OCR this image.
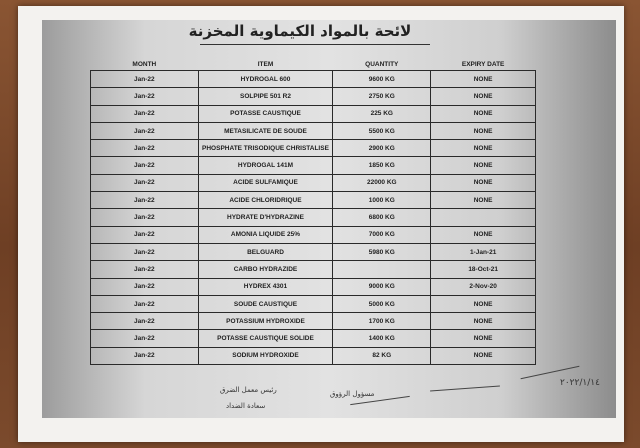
لائحة بالمواد الكيماوية المخزنة
MONTH	ITEM	QUANTITY	EXPIRY DATE
Jan-22	HYDROGAL 600	9600 KG	NONE
Jan-22	SOLPIPE 501 R2	2750 KG	NONE
Jan-22	POTASSE CAUSTIQUE	225 KG	NONE
Jan-22	METASILICATE DE SOUDE	5500 KG	NONE
Jan-22	PHOSPHATE TRISODIQUE CHRISTALISE	2900 KG	NONE
Jan-22	HYDROGAL 141M	1850 KG	NONE
Jan-22	ACIDE SULFAMIQUE	22000 KG	NONE
Jan-22	ACIDE CHLORIDRIQUE	1000 KG	NONE
Jan-22	HYDRATE D'HYDRAZINE	6800 KG	
Jan-22	AMONIA LIQUIDE 25%	7000 KG	NONE
Jan-22	BELGUARD	5980 KG	1-Jan-21
Jan-22	CARBO HYDRAZIDE		18-Oct-21
Jan-22	HYDREX 4301	9000 KG	2-Nov-20
Jan-22	SOUDE CAUSTIQUE	5000 KG	NONE
Jan-22	POTASSIUM HYDROXIDE	1700 KG	NONE
Jan-22	POTASSE CAUSTIQUE SOLIDE	1400 KG	NONE
Jan-22	SODIUM HYDROXIDE	82 KG	NONE
رئيس معمل الضرق
سعادة الضداد
مسؤول الرؤوق
٢٠٢٢/١/١٤
